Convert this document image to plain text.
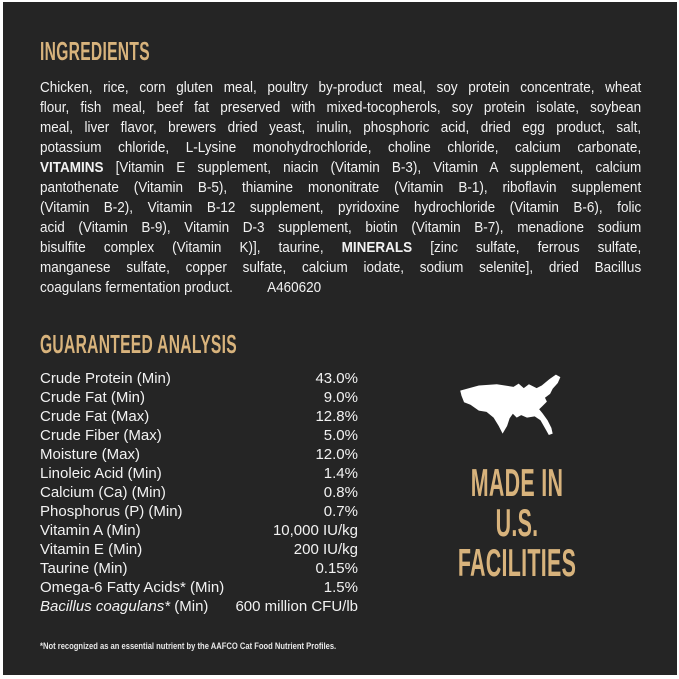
INGREDIENTS
Chicken, rice, corn gluten meal, poultry by-product meal, soy protein concentrate, wheat
flour, fish meal, beef fat preserved with mixed-tocopherols, soy protein isolate, soybean
meal, liver flavor, brewers dried yeast, inulin, phosphoric acid, dried egg product, salt,
potassium chloride, L-Lysine monohydrochloride, choline chloride, calcium carbonate,
VITAMINS [Vitamin E supplement, niacin (Vitamin B-3), Vitamin A supplement, calcium
pantothenate (Vitamin B-5), thiamine mononitrate (Vitamin B-1), riboflavin supplement
(Vitamin B-2), Vitamin B-12 supplement, pyridoxine hydrochloride (Vitamin B-6), folic
acid (Vitamin B-9), Vitamin D-3 supplement, biotin (Vitamin B-7), menadione sodium
bisulfite complex (Vitamin K)], taurine, MINERALS [zinc sulfate, ferrous sulfate,
manganese sulfate, copper sulfate, calcium iodate, sodium selenite], dried Bacillus
coagulans fermentation product. A460620
GUARANTEED ANALYSIS
Crude Protein (Min)	43.0%
Crude Fat (Min)	9.0%
Crude Fat (Max)	12.8%
Crude Fiber (Max)	5.0%
Moisture (Max)	12.0%
Linoleic Acid (Min)	1.4%
Calcium (Ca) (Min)	0.8%
Phosphorus (P) (Min)	0.7%
Vitamin A (Min)	10,000 IU/kg
Vitamin E (Min)	200 IU/kg
Taurine (Min)	0.15%
Omega-6 Fatty Acids* (Min)	1.5%
Bacillus coagulans* (Min) 600 million CFU/lb
*Not recognized as an essential nutrient by the AAFCO Cat Food Nutrient Profiles.
MADE IN
U.S.
FACILITIES
